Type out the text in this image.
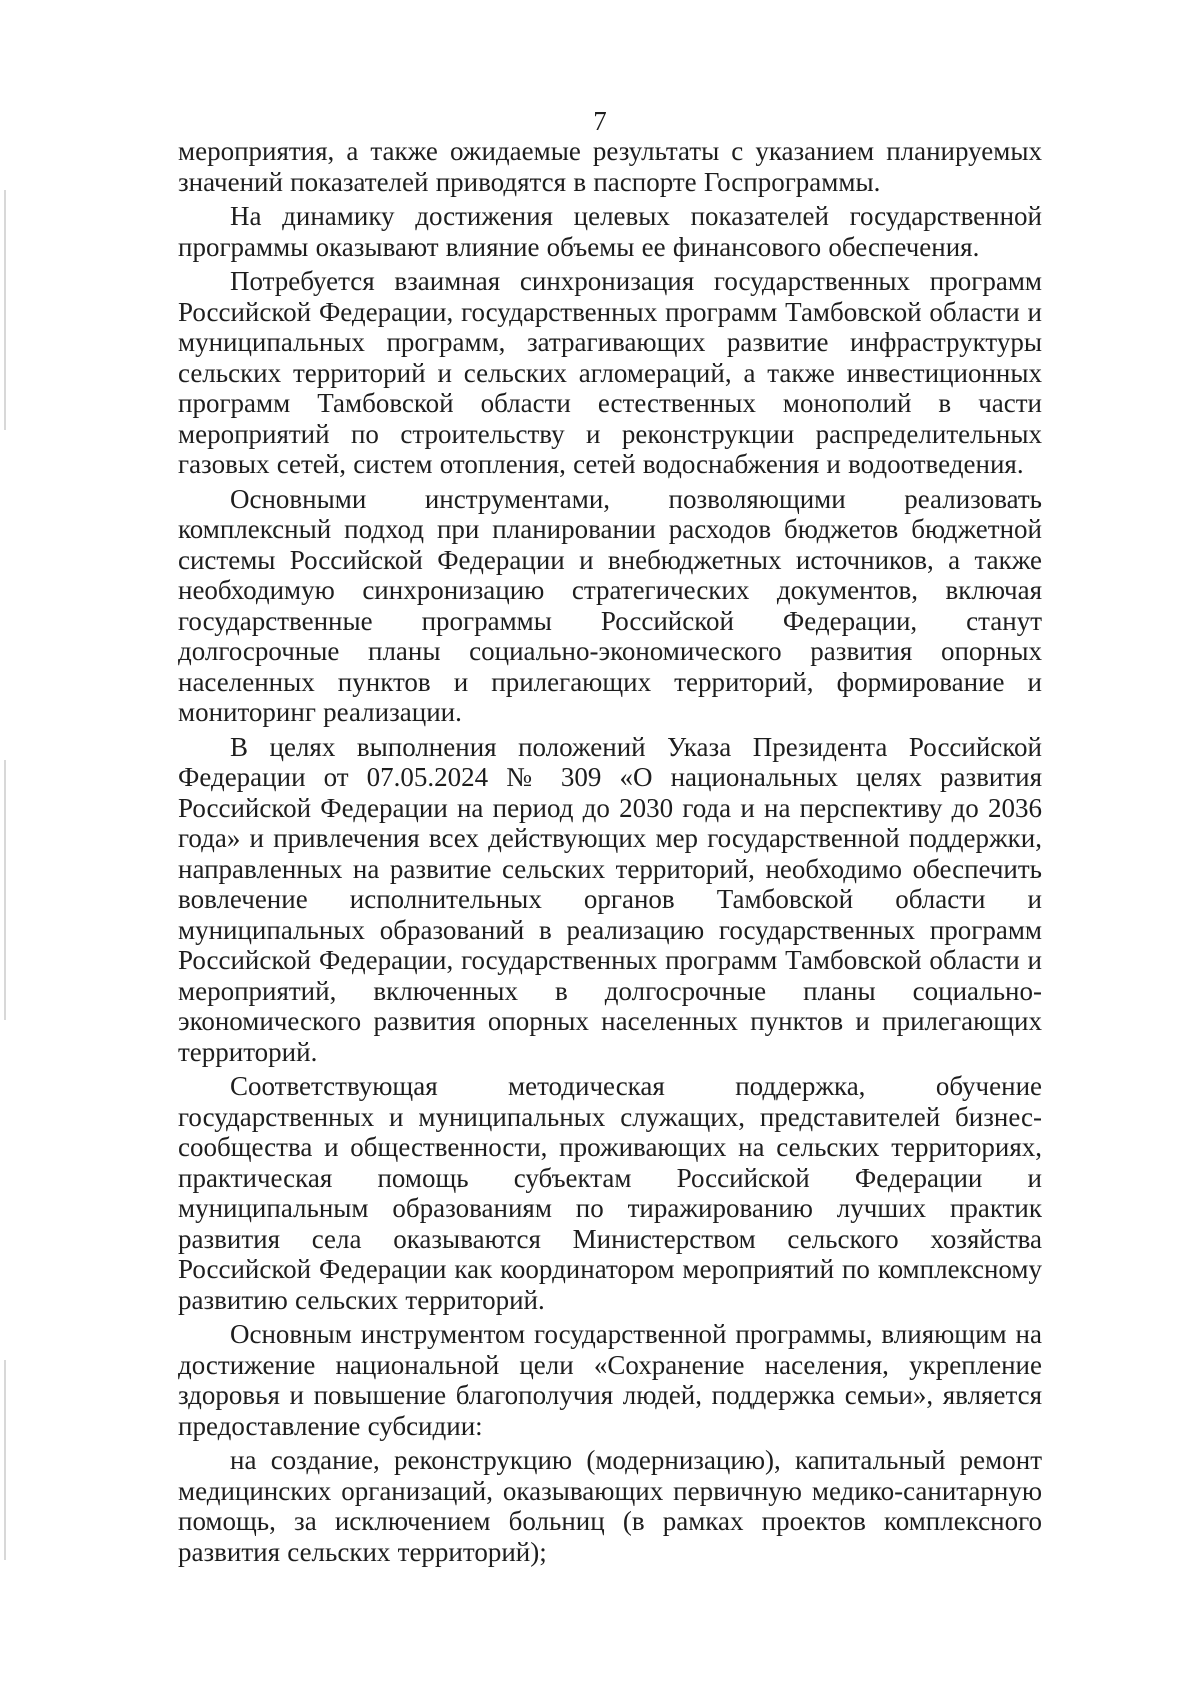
7

мероприятия, а также ожидаемые результаты с указанием планируемых значений показателей приводятся в паспорте Госпрограммы.

На динамику достижения целевых показателей государственной программы оказывают влияние объемы ее финансового обеспечения.

Потребуется взаимная синхронизация государственных программ Российской Федерации, государственных программ Тамбовской области и муниципальных программ, затрагивающих развитие инфраструктуры сельских территорий и сельских агломераций, а также инвестиционных программ Тамбовской области естественных монополий в части мероприятий по строительству и реконструкции распределительных газовых сетей, систем отопления, сетей водоснабжения и водоотведения.

Основными инструментами, позволяющими реализовать комплексный подход при планировании расходов бюджетов бюджетной системы Российской Федерации и внебюджетных источников, а также необходимую синхронизацию стратегических документов, включая государственные программы Российской Федерации, станут долгосрочные планы социально-экономического развития опорных населенных пунктов и прилегающих территорий, формирование и мониторинг реализации.

В целях выполнения положений Указа Президента Российской Федерации от 07.05.2024 № 309 «О национальных целях развития Российской Федерации на период до 2030 года и на перспективу до 2036 года» и привлечения всех действующих мер государственной поддержки, направленных на развитие сельских территорий, необходимо обеспечить вовлечение исполнительных органов Тамбовской области и муниципальных образований в реализацию государственных программ Российской Федерации, государственных программ Тамбовской области и мероприятий, включенных в долгосрочные планы социально-экономического развития опорных населенных пунктов и прилегающих территорий.

Соответствующая методическая поддержка, обучение государственных и муниципальных служащих, представителей бизнес-сообщества и общественности, проживающих на сельских территориях, практическая помощь субъектам Российской Федерации и муниципальным образованиям по тиражированию лучших практик развития села оказываются Министерством сельского хозяйства Российской Федерации как координатором мероприятий по комплексному развитию сельских территорий.

Основным инструментом государственной программы, влияющим на достижение национальной цели «Сохранение населения, укрепление здоровья и повышение благополучия людей, поддержка семьи», является предоставление субсидии:

на создание, реконструкцию (модернизацию), капитальный ремонт медицинских организаций, оказывающих первичную медико-санитарную помощь, за исключением больниц (в рамках проектов комплексного развития сельских территорий);
